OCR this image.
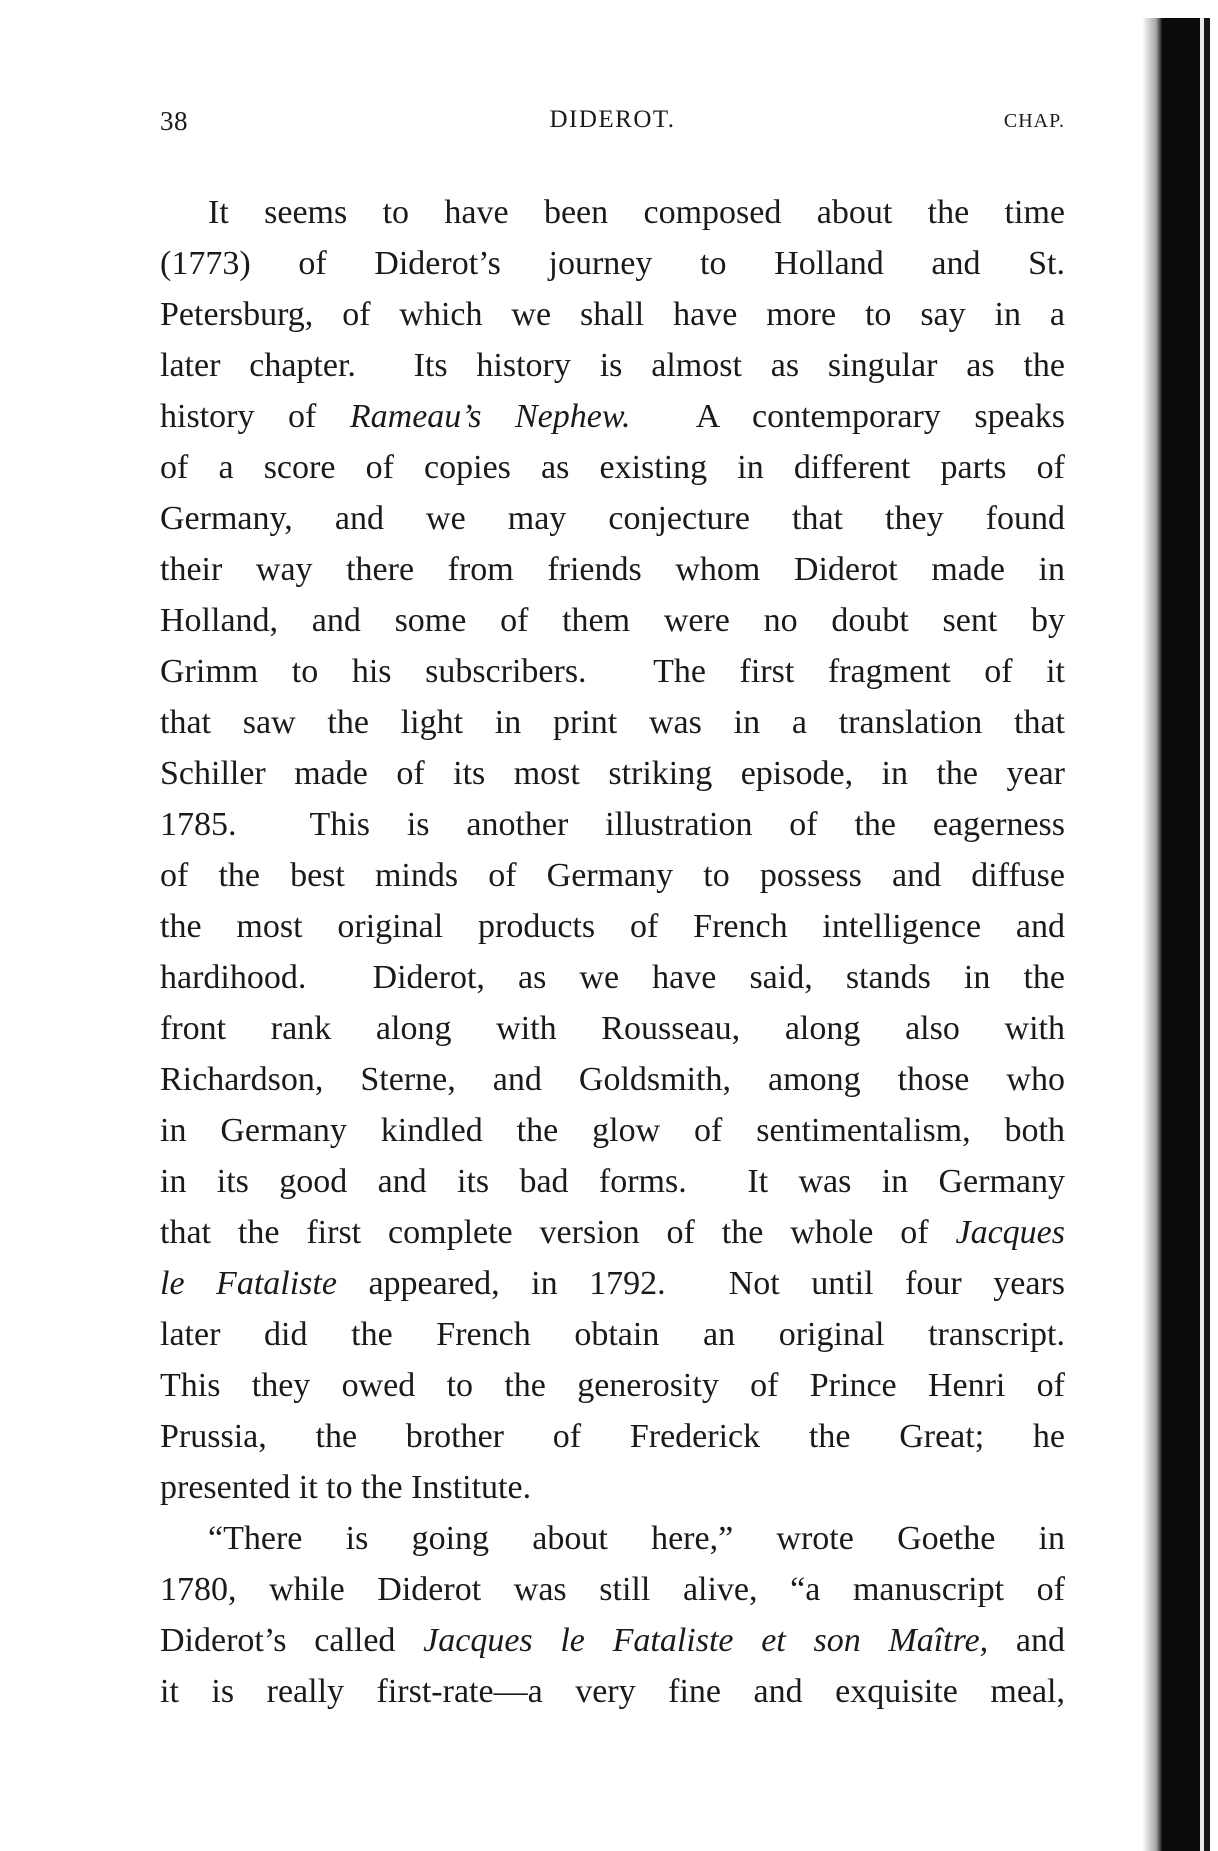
38	DIDEROT.	CHAP.
It seems to have been composed about the time
(1773) of Diderot’s journey to Holland and St.
Petersburg, of which we shall have more to say in a
later chapter.  Its history is almost as singular as the
history of Rameau’s Nephew.  A contemporary speaks
of a score of copies as existing in different parts of
Germany, and we may conjecture that they found
their way there from friends whom Diderot made in
Holland, and some of them were no doubt sent by
Grimm to his subscribers.  The first fragment of it
that saw the light in print was in a translation that
Schiller made of its most striking episode, in the year
1785.  This is another illustration of the eagerness
of the best minds of Germany to possess and diffuse
the most original products of French intelligence and
hardihood.  Diderot, as we have said, stands in the
front rank along with Rousseau, along also with
Richardson, Sterne, and Goldsmith, among those who
in Germany kindled the glow of sentimentalism, both
in its good and its bad forms.  It was in Germany
that the first complete version of the whole of Jacques
le Fataliste appeared, in 1792.  Not until four years
later did the French obtain an original transcript.
This they owed to the generosity of Prince Henri of
Prussia, the brother of Frederick the Great; he
presented it to the Institute.
“There is going about here,” wrote Goethe in
1780, while Diderot was still alive, “a manuscript of
Diderot’s called Jacques le Fataliste et son Maître, and
it is really first-rate—a very fine and exquisite meal,
